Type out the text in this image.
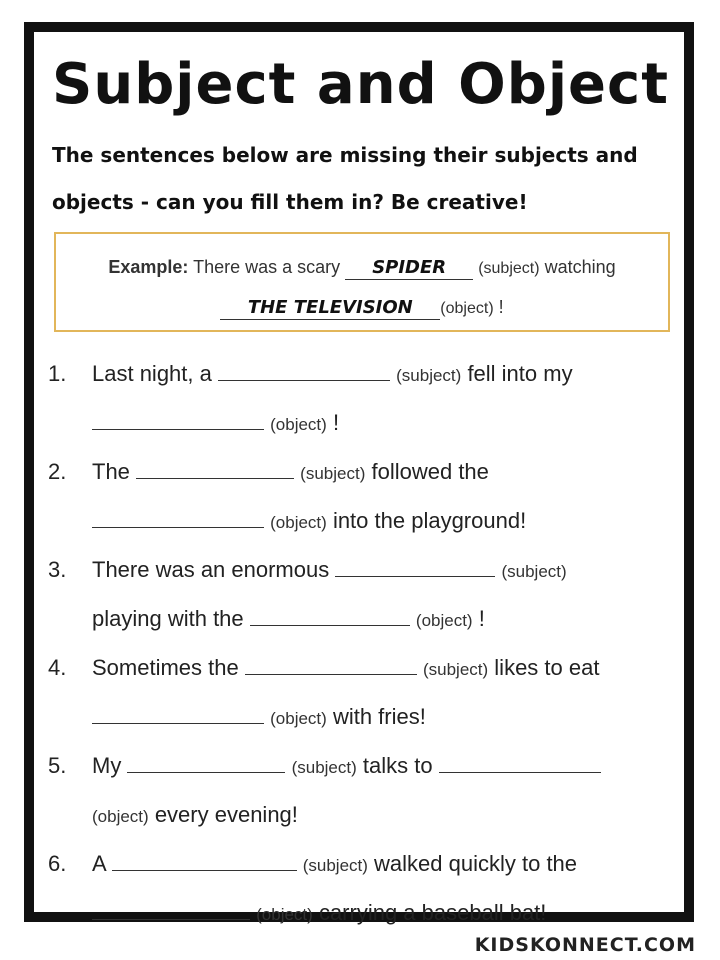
Subject and Object

The sentences below are missing their subjects and objects - can you fill them in? Be creative!

Example: There was a scary SPIDER (subject) watching
THE TELEVISION (object) !
1.	Last night, a	(subject) fell into my
(object) !
2.	The	(subject) followed the
(object) into the playground!
3.	There was an enormous	(subject)
playing with the	(object) !
4.	Sometimes the	(subject) likes to eat
(object) with fries!
5.	My	(subject) talks to
(object) every evening!
6.	A	(subject) walked quickly to the
(object) carrying a baseball bat!
KIDSKONNECT.COM
